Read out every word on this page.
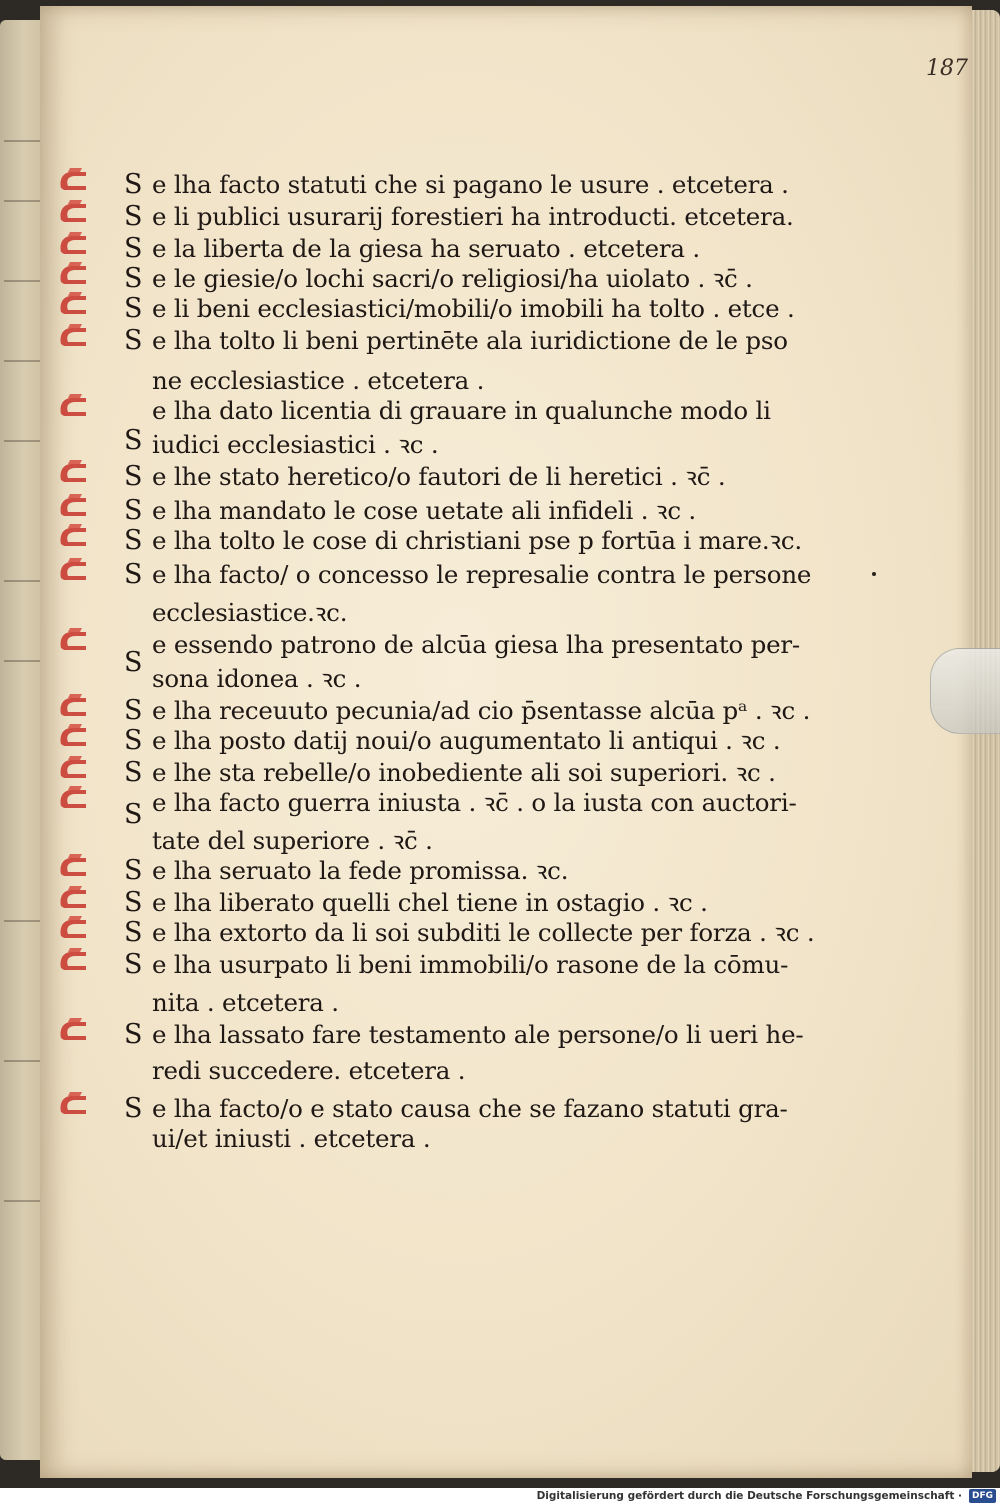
187
e lha facto statuti che si pagano le usure . etcetera .
S
e li publici usurarij forestieri ha introducti. etcetera.
S
e la liberta de la giesa ha seruato . etcetera .
S
e le giesie/o lochi sacri/o religiosi/ha uiolato . ꝛc̄ .
S
e li beni ecclesiastici/mobili/o imobili ha tolto . etce .
S
e lha tolto li beni pertinēte ala iuridictione de le pso
S
ne ecclesiastice . etcetera .
e lha dato licentia di grauare in qualunche modo li
S iudici ecclesiastici . ꝛc .
e lhe stato heretico/o fautori de li heretici . ꝛc̄ .
S
e lha mandato le cose uetate ali infideli . ꝛc .
S
e lha tolto le cose di christiani pse p fortūa i mare.ꝛc.
S
e lha facto/ o concesso le represalie contra le persone
S
ecclesiastice.ꝛc.
e essendo patrono de alcūa giesa lha presentato per-
S
sona idonea . ꝛc .
e lha receuuto pecunia/ad cio p̄sentasse alcūa pᵃ . ꝛc .
S
e lha posto datij noui/o augumentato li antiqui . ꝛc .
S
e lhe sta rebelle/o inobediente ali soi superiori. ꝛc .
S
e lha facto guerra iniusta . ꝛc̄ . o la iusta con auctori-
S
tate del superiore . ꝛc̄ .
e lha seruato la fede promissa. ꝛc.
S
e lha liberato quelli chel tiene in ostagio . ꝛc .
S
e lha extorto da li soi subditi le collecte per forza . ꝛc .
S
e lha usurpato li beni immobili/o rasone de la cōmu-
S
nita . etcetera .
e lha lassato fare testamento ale persone/o li ueri he-
S
redi succedere. etcetera .
e lha facto/o e stato causa che se fazano statuti gra-
S
ui/et iniusti . etcetera .
Digitalisierung gefördert durch die Deutsche Forschungsgemeinschaft ·	DFG
